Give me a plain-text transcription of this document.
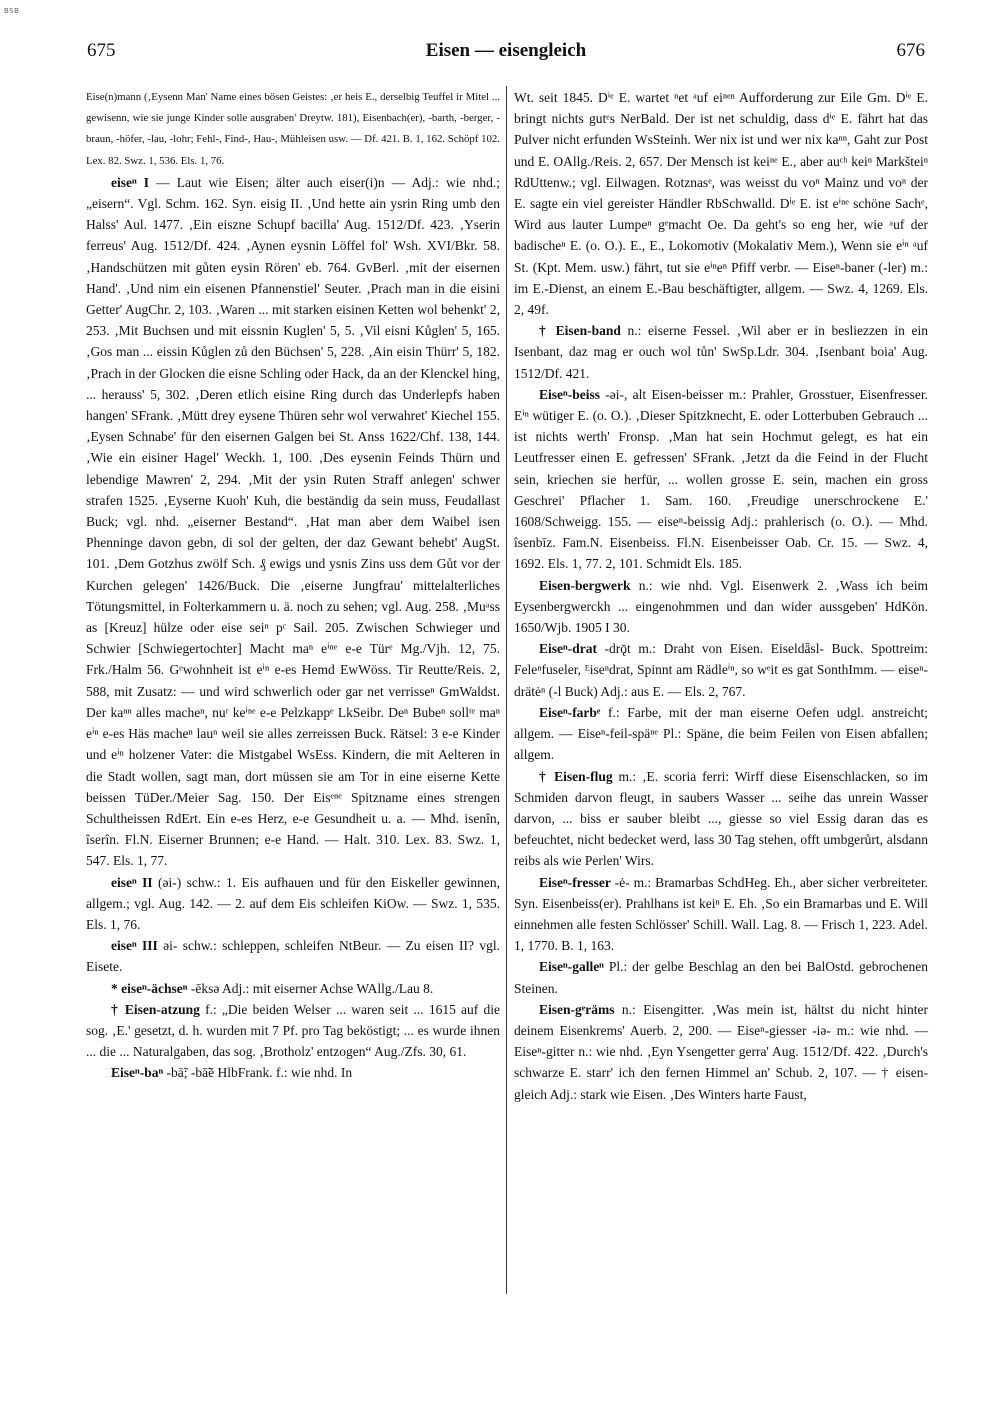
BSB
675	Eisen — eisengleich	676

Eise(n)mann (‚Eysenn Man' Name eines bösen Geistes: ‚er heis E., derselbig Teuffel ir Mitel ... gewisenn, wie sie junge Kinder solle ausgraben' Dreytw. 181), Eisenbach(er), -barth, -berger, -braun, -höfer, -lau, -lohr; Fehl-, Find-, Hau-, Mühleisen usw. — Df. 421. B. 1, 162. Schöpf 102. Lex. 82. Swz. 1, 536. Els. 1, 76.

eiseⁿ I — Laut wie Eisen; älter auch eiser(i)n — Adj.: wie nhd.; „eisern“. Vgl. Schm. 162. Syn. eisig II. ‚Und hette ain ysrin Ring umb den Halss' Aul. 1477. ‚Ein eiszne Schupf bacilla' Aug. 1512/Df. 423. ‚Yserin ferreus' Aug. 1512/Df. 424. ‚Aynen eysnin Löffel fol' Wsh. XVI/Bkr. 58. ‚Handschützen mit gůten eysin Rören' eb. 764. GvBerl. ‚mit der eisernen Hand'. ‚Und nim ein eisenen Pfannenstiel' Seuter. ‚Prach man in die eisini Getter' AugChr. 2, 103. ‚Waren ... mit starken eisinen Ketten wol behenkt' 2, 253. ‚Mit Buchsen und mit eissnin Kuglen' 5, 5. ‚Vil eisni Kůglen' 5, 165. ‚Gos man ... eissin Kůglen zů den Büchsen' 5, 228. ‚Ain eisin Thürr' 5, 182. ‚Prach in der Glocken die eisne Schling oder Hack, da an der Klenckel hing, ... herauss' 5, 302. ‚Deren etlich eisine Ring durch das Underlepfs haben hangen' SFrank. ‚Mütt drey eysene Thüren sehr wol verwahret' Kiechel 155. ‚Eysen Schnabe' für den eisernen Galgen bei St. Anss 1622/Chf. 138, 144. ‚Wie ein eisiner Hagel' Weckh. 1, 100. ‚Des eysenin Feinds Thürn und lebendige Mawren' 2, 294. ‚Mit der ysin Ruten Straff anlegen' schwer strafen 1525. ‚Eyserne Kuoh' Kuh, die beständig da sein muss, Feudallast Buck; vgl. nhd. „eiserner Bestand“. ‚Hat man aber dem Waibel isen Phenninge davon gebn, di sol der gelten, der daz Gewant behebt' AugSt. 101. ‚Dem Gotzhus zwölf Sch. ₰ ewigs und ysnis Zins uss dem Gůt vor der Kurchen gelegen' 1426/Buck. Die ‚eiserne Jungfrau' mittelalterliches Tötungsmittel, in Folterkammern u. ä. noch zu sehen; vgl. Aug. 258. ‚Muᵃss as [Kreuz] hülze oder eise seiⁿ pᶜ Sail. 205. Zwischen Schwieger und Schwier [Schwiegertochter] Macht maⁿ eⁱⁿᵉ e-e Türᵉ Mg./Vjh. 12, 75. Frk./Halm 56. Gᵉwohnheit ist eⁱⁿ e-es Hemd EwWöss. Tir Reutte/Reis. 2, 588, mit Zusatz: — und wird schwerlich oder gar net verrisseⁿ GmWaldst. Der kaⁿⁿ alles macheⁿ, nuʳ keⁱⁿᵉ e-e Pelzkappᵉ LkSeibr. Deⁿ Bubeⁿ sollᵗᵉ maⁿ eⁱⁿ e-es Häs macheⁿ lauⁿ weil sie alles zerreissen Buck. Rätsel: 3 e-e Kinder und eⁱⁿ holzener Vater: die Mistgabel WsEss. Kindern, die mit Aelteren in die Stadt wollen, sagt man, dort müssen sie am Tor in eine eiserne Kette beissen TüDer./Meier Sag. 150. Der Eisᵉⁿᵉ Spitzname eines strengen Schultheissen RdErt. Ein e-es Herz, e-e Gesundheit u. a. — Mhd. isenîn, îserîn. Fl.N. Eiserner Brunnen; e-e Hand. — Halt. 310. Lex. 83. Swz. 1, 547. Els. 1, 77.

eiseⁿ II (əi-) schw.: 1. Eis aufhauen und für den Eiskeller gewinnen, allgem.; vgl. Aug. 142. — 2. auf dem Eis schleifen KiOw. — Swz. 1, 535. Els. 1, 76.

eiseⁿ III əi- schw.: schleppen, schleifen NtBeur. — Zu eisen II? vgl. Eisete.

* eiseⁿ-ächseⁿ -ēksə Adj.: mit eiserner Achse WAllg./Lau 8.

† Eisen-atzung f.: „Die beiden Welser ... waren seit ... 1615 auf die sog. ‚E.' gesetzt, d. h. wurden mit 7 Pf. pro Tag beköstigt; ... es wurde ihnen ... die ... Naturalgaben, das sog. ‚Brotholz' entzogen“ Aug./Zfs. 30, 61.

Eiseⁿ-baⁿ -bā̃; -bā̃ē HlbFrank. f.: wie nhd. In

Wt. seit 1845. Dⁱᵉ E. wartet ⁿet ᵃuf eiⁿᵉⁿ Aufforderung zur Eile Gm. Dⁱᵉ E. bringt nichts gutᵉs NerBald. Der ist net schuldig, dass dⁱᵉ E. fährt hat das Pulver nicht erfunden WsSteinh. Wer nix ist und wer nix kaⁿⁿ, Gaht zur Post und E. OAllg./Reis. 2, 657. Der Mensch ist keiⁿᵉ E., aber auᶜʰ keiⁿ Markšteiⁿ RdUttenw.; vgl. Eilwagen. Rotznasᵉ, was weisst du voⁿ Mainz und voⁿ der E. sagte ein viel gereister Händler RbSchwalld. Dⁱᵉ E. ist eⁱⁿᵉ schöne Sachᵉ, Wird aus lauter Lumpeⁿ gᵉmacht Oe. Da geht's so eng her, wie ᵃuf der badischeⁿ E. (o. O.). E., E., Lokomotiv (Mokalativ Mem.), Wenn sie eⁱⁿ ᵃuf St. (Kpt. Mem. usw.) fährt, tut sie eⁱⁿeⁿ Pfiff verbr. — Eiseⁿ-baner (-ler) m.: im E.-Dienst, an einem E.-Bau beschäftigter, allgem. — Swz. 4, 1269. Els. 2, 49f.

† Eisen-band n.: eiserne Fessel. ‚Wil aber er in besliezzen in ein Isenbant, daz mag er ouch wol tůn' SwSp.Ldr. 304. ‚Isenbant boia' Aug. 1512/Df. 421.

Eiseⁿ-beiss -əi-, alt Eisen-beisser m.: Prahler, Grosstuer, Eisenfresser. Eⁱⁿ wütiger E. (o. O.). ‚Dieser Spitzknecht, E. oder Lotterbuben Gebrauch ... ist nichts werth' Fronsp. ‚Man hat sein Hochmut gelegt, es hat ein Leutfresser einen E. gefressen' SFrank. ‚Jetzt da die Feind in der Flucht sein, kriechen sie herfür, ... wollen grosse E. sein, machen ein gross Geschrei' Pflacher 1. Sam. 160. ‚Freudige unerschrockene E.' 1608/Schweigg. 155. — eiseⁿ-beissig Adj.: prahlerisch (o. O.). — Mhd. îsenbīz. Fam.N. Eisenbeiss. Fl.N. Eisenbeisser Oab. Cr. 15. — Swz. 4, 1692. Els. 1, 77. 2, 101. Schmidt Els. 185.

Eisen-bergwerk n.: wie nhd. Vgl. Eisenwerk 2. ‚Wass ich beim Eysenbergwerckh ... eingenohmmen und dan wider aussgeben' HdKön. 1650/Wjb. 1905 I 30.

Eiseⁿ-drat -drǭt m.: Draht von Eisen. Eiseldǟsl- Buck. Spottreim: Feleⁿfuseler, ᴱiseⁿdrat, Spinnt am Rädleⁱⁿ, so wᵉit es gat SonthImm. — eiseⁿ-drätėⁿ (-l Buck) Adj.: aus E. — Els. 2, 767.

Eiseⁿ-farbᵉ f.: Farbe, mit der man eiserne Oefen udgl. anstreicht; allgem. — Eiseⁿ-feil-späⁿᵉ Pl.: Späne, die beim Feilen von Eisen abfallen; allgem.

† Eisen-flug m.: ‚E. scoria ferri: Wirff diese Eisenschlacken, so im Schmiden darvon fleugt, in saubers Wasser ... seihe das unrein Wasser darvon, ... biss er sauber bleibt ..., giesse so viel Essig daran das es befeuchtet, nicht bedecket werd, lass 30 Tag stehen, offt umbgerůrt, alsdann reibs als wie Perlen' Wirs.

Eiseⁿ-fresser -ė- m.: Bramarbas SchdHeg. Eh., aber sicher verbreiteter. Syn. Eisenbeiss(er). Prahlhans ist keiⁿ E. Eh. ‚So ein Bramarbas und E. Will einnehmen alle festen Schlösser' Schill. Wall. Lag. 8. — Frisch 1, 223. Adel. 1, 1770. B. 1, 163.

Eiseⁿ-galleⁿ Pl.: der gelbe Beschlag an den bei BalOstd. gebrochenen Steinen.

Eisen-gᵉräms n.: Eisengitter. ‚Was mein ist, hältst du nicht hinter deinem Eisenkrems' Auerb. 2, 200. — Eiseⁿ-giesser -iə- m.: wie nhd. — Eiseⁿ-gitter n.: wie nhd. ‚Eyn Ysengetter gerra' Aug. 1512/Df. 422. ‚Durch's schwarze E. starr' ich den fernen Himmel an' Schub. 2, 107. — † eisen-gleich Adj.: stark wie Eisen. ‚Des Winters harte Faust,
